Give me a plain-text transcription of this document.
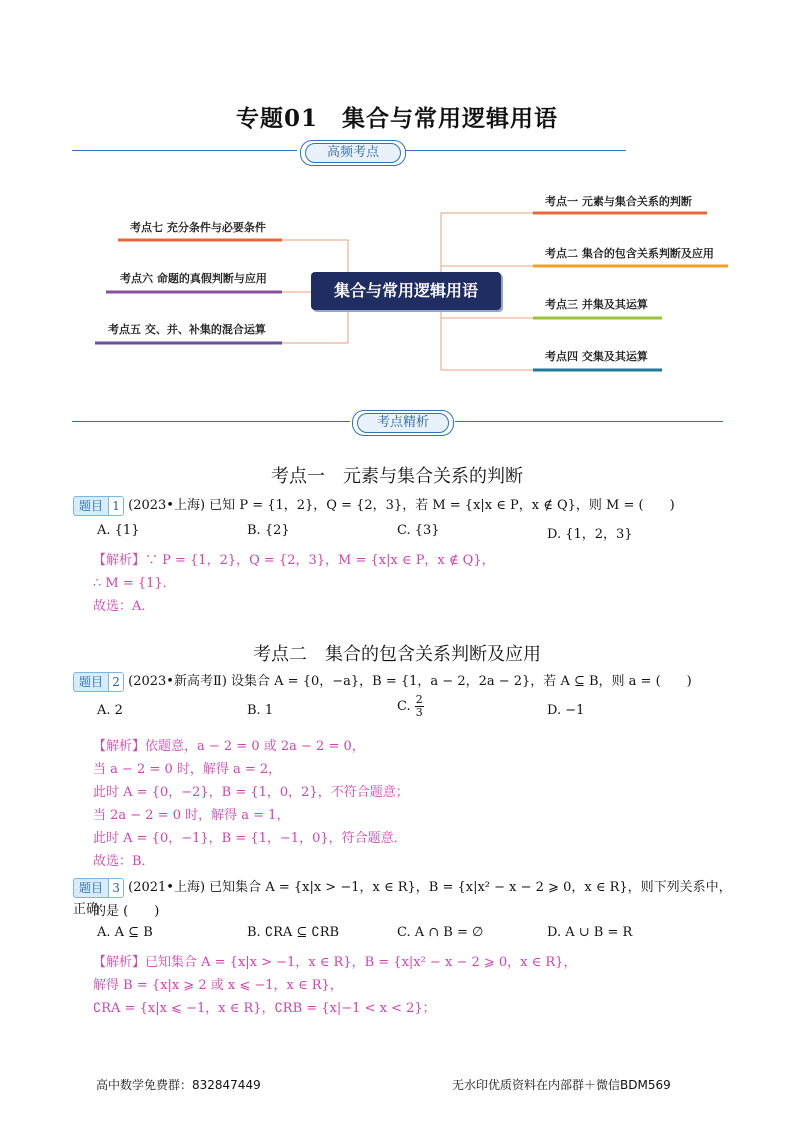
专题01　集合与常用逻辑用语
高频考点
集合与常用逻辑用语
考点一 元素与集合关系的判断
考点二 集合的包含关系判断及应用
考点三 并集及其运算
考点四 交集及其运算
考点七 充分条件与必要条件
考点六 命题的真假判断与应用
考点五 交、并、补集的混合运算
考点精析
考点一　元素与集合关系的判断
题目 1 (2023•上海) 已知 P = {1，2}，Q = {2，3}，若 M = {x|x ∈ P，x ∉ Q}，则 M = (　　)
A. {1}	B. {2}	C. {3}	D. {1，2，3}
【解析】∵ P = {1，2}，Q = {2，3}，M = {x|x ∈ P，x ∉ Q}，
∴ M = {1}．
故选：A．
考点二　集合的包含关系判断及应用
题目 2 (2023•新高考Ⅱ) 设集合 A = {0，−a}，B = {1，a − 2，2a − 2}，若 A ⊆ B，则 a = (　　)
A. 2	B. 1	C. $\frac{2}{3}$	D. −1
【解析】依题意，a − 2 = 0 或 2a − 2 = 0，
当 a − 2 = 0 时，解得 a = 2，
此时 A = {0，−2}，B = {1，0，2}，不符合题意；
当 2a − 2 = 0 时，解得 a = 1，
此时 A = {0，−1}，B = {1，−1，0}，符合题意．
故选：B．
题目 3 (2021•上海) 已知集合 A = {x|x > −1，x ∈ R}，B = {x|x² − x − 2 ⩾ 0，x ∈ R}，则下列关系中，正确
的是 (　　)
A. A ⊆ B	B. ∁RA ⊆ ∁RB	C. A ∩ B = ∅	D. A ∪ B = R
【解析】已知集合 A = {x|x > −1，x ∈ R}，B = {x|x² − x − 2 ⩾ 0，x ∈ R}，
解得 B = {x|x ⩾ 2 或 x ⩽ −1，x ∈ R}，
∁RA = {x|x ⩽ −1，x ∈ R}，∁RB = {x|−1 < x < 2}；
高中数学免费群：832847449	无水印优质资料在内部群＋微信BDM569
